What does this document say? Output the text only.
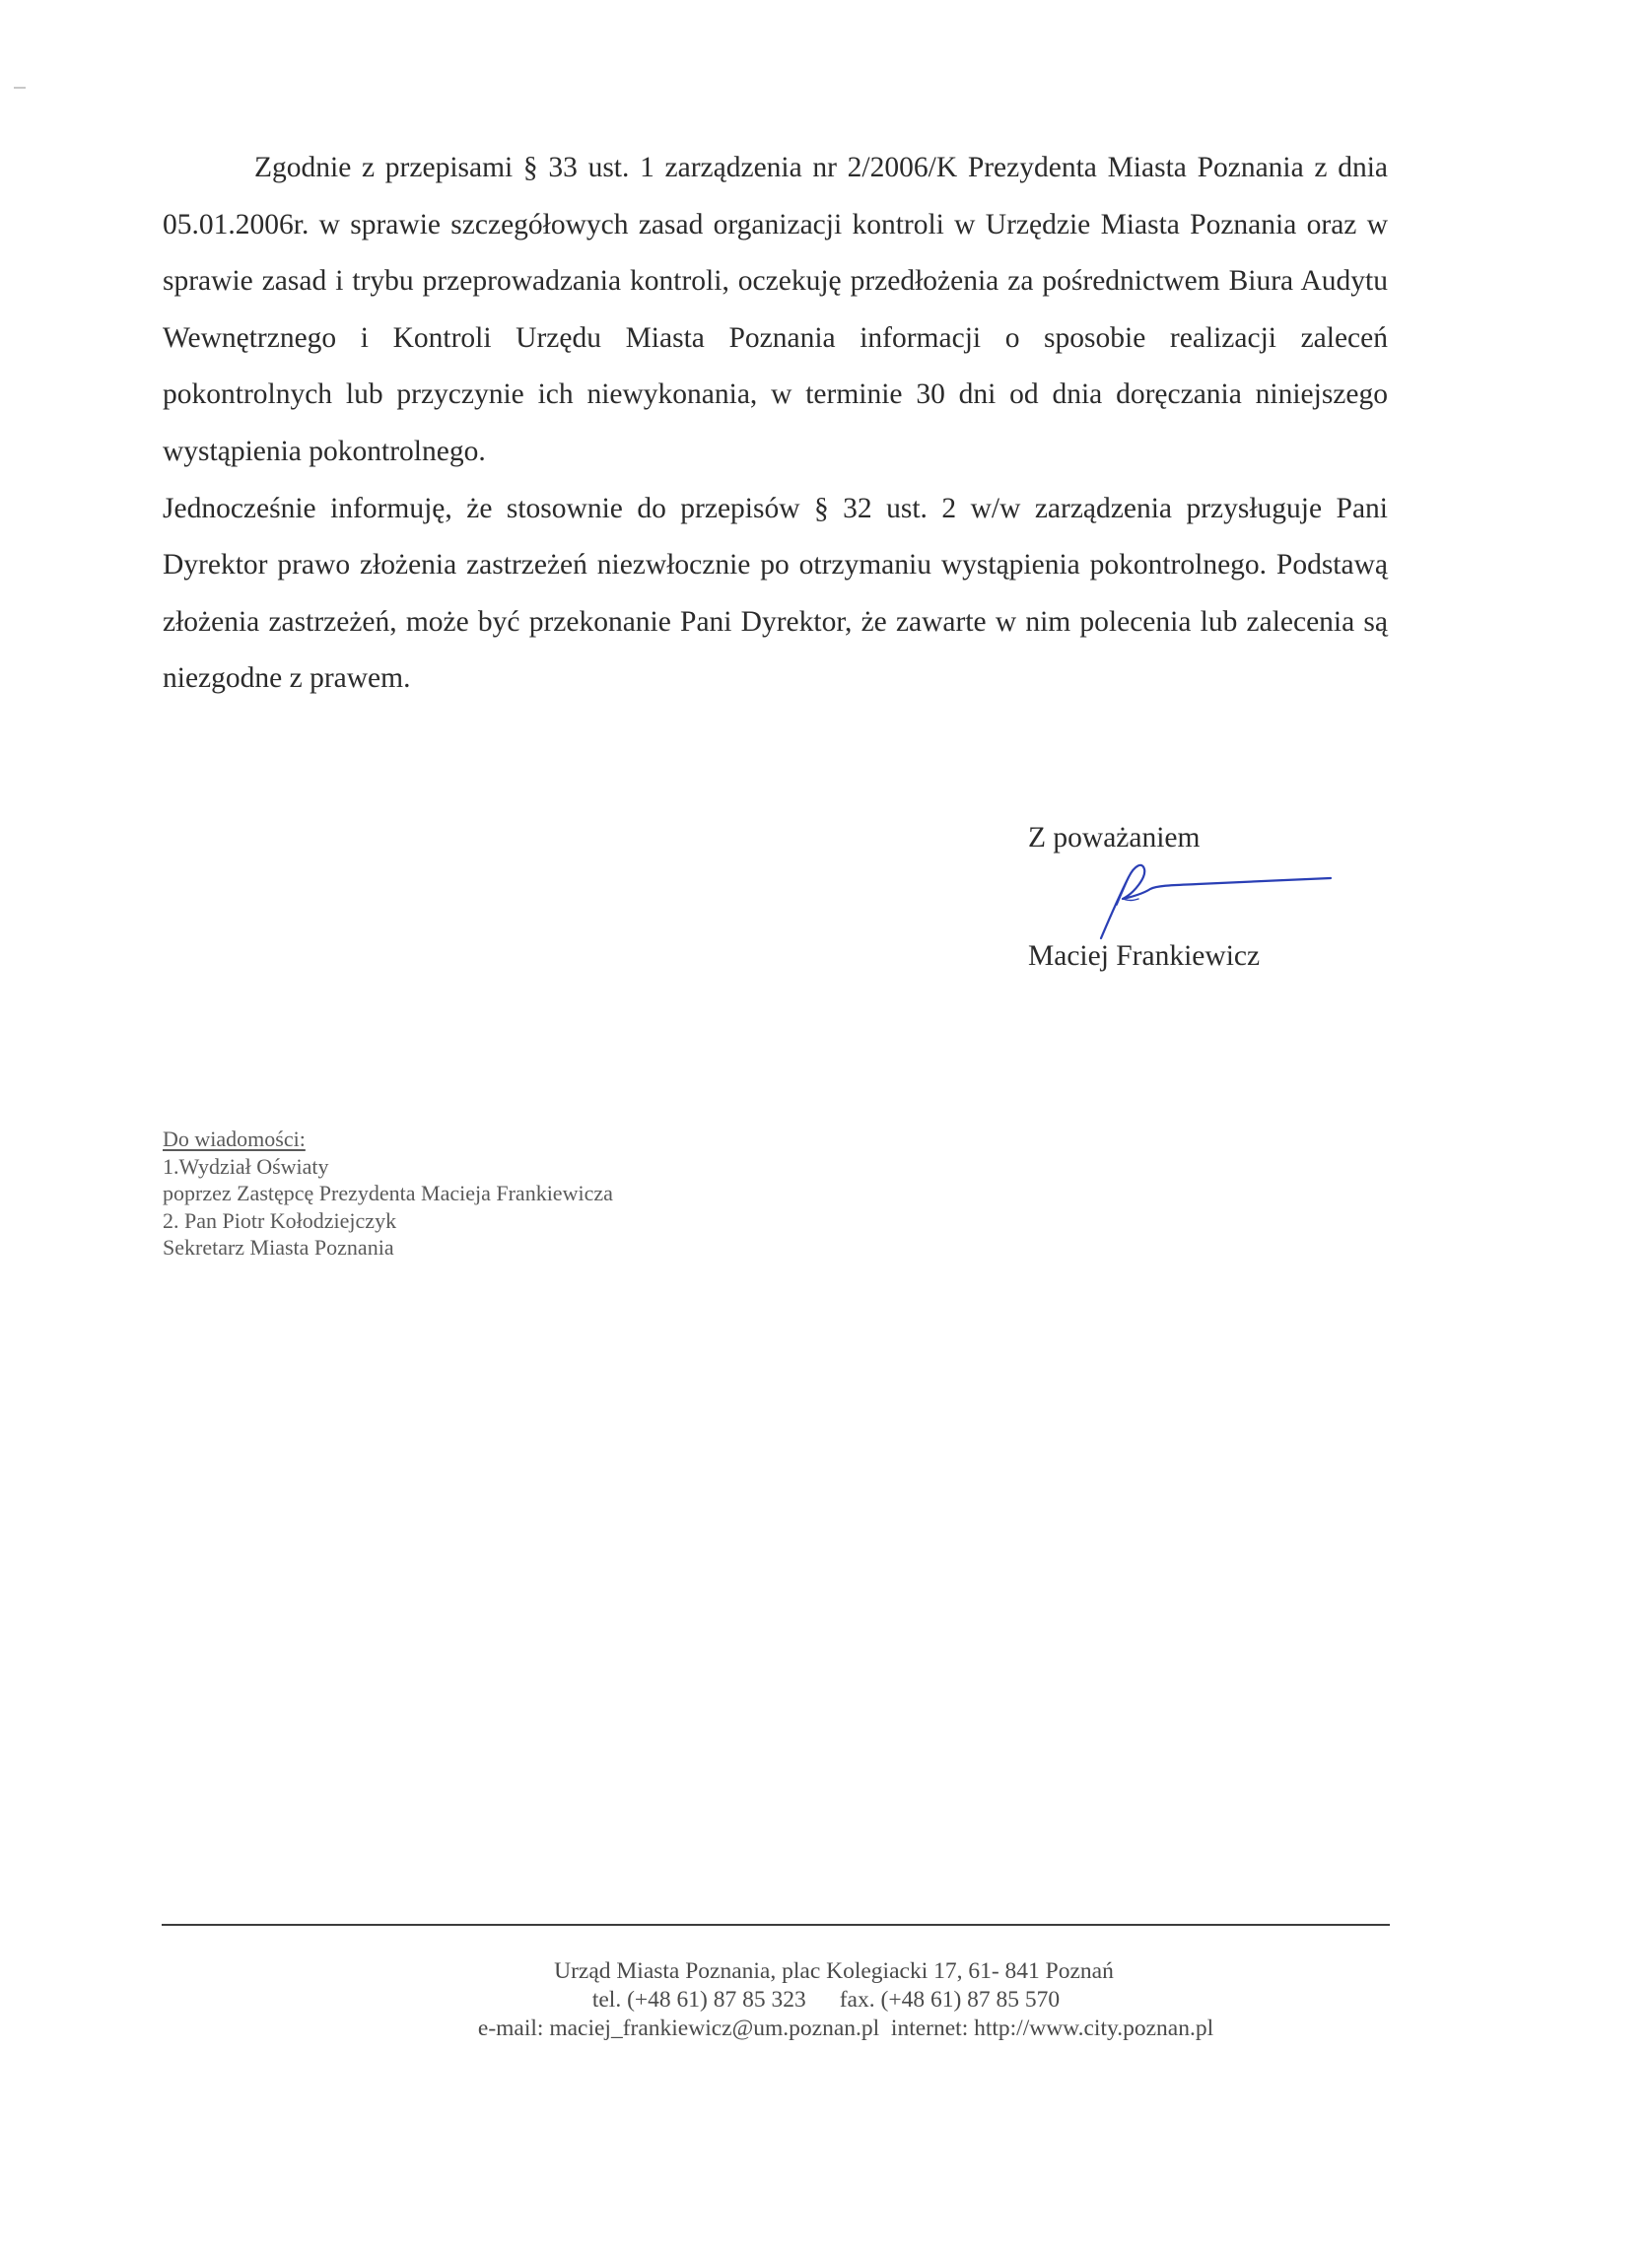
Zgodnie z przepisami § 33 ust. 1 zarządzenia nr 2/2006/K Prezydenta Miasta Poznania z dnia 05.01.2006r. w sprawie szczegółowych zasad organizacji kontroli w Urzędzie Miasta Poznania oraz w sprawie zasad i trybu przeprowadzania kontroli, oczekuję przedłożenia za pośrednictwem Biura Audytu Wewnętrznego i Kontroli Urzędu Miasta Poznania informacji o sposobie realizacji zaleceń pokontrolnych lub przyczynie ich niewykonania, w terminie 30 dni od dnia doręczania niniejszego wystąpienia pokontrolnego.

Jednocześnie informuję, że stosownie do przepisów § 32 ust. 2 w/w zarządzenia przysługuje Pani Dyrektor prawo złożenia zastrzeżeń niezwłocznie po otrzymaniu wystąpienia pokontrolnego. Podstawą złożenia zastrzeżeń, może być przekonanie Pani Dyrektor, że zawarte w nim polecenia lub zalecenia są niezgodne z prawem.

Z poważaniem
Maciej Frankiewicz
Do wiadomości:
1.Wydział Oświaty
poprzez Zastępcę Prezydenta Macieja Frankiewicza
2. Pan Piotr Kołodziejczyk
Sekretarz Miasta Poznania
Urząd Miasta Poznania, plac Kolegiacki 17, 61- 841 Poznań
tel. (+48 61) 87 85 323 fax. (+48 61) 87 85 570
e-mail: maciej_frankiewicz@um.poznan.pl internet: http://www.city.poznan.pl
